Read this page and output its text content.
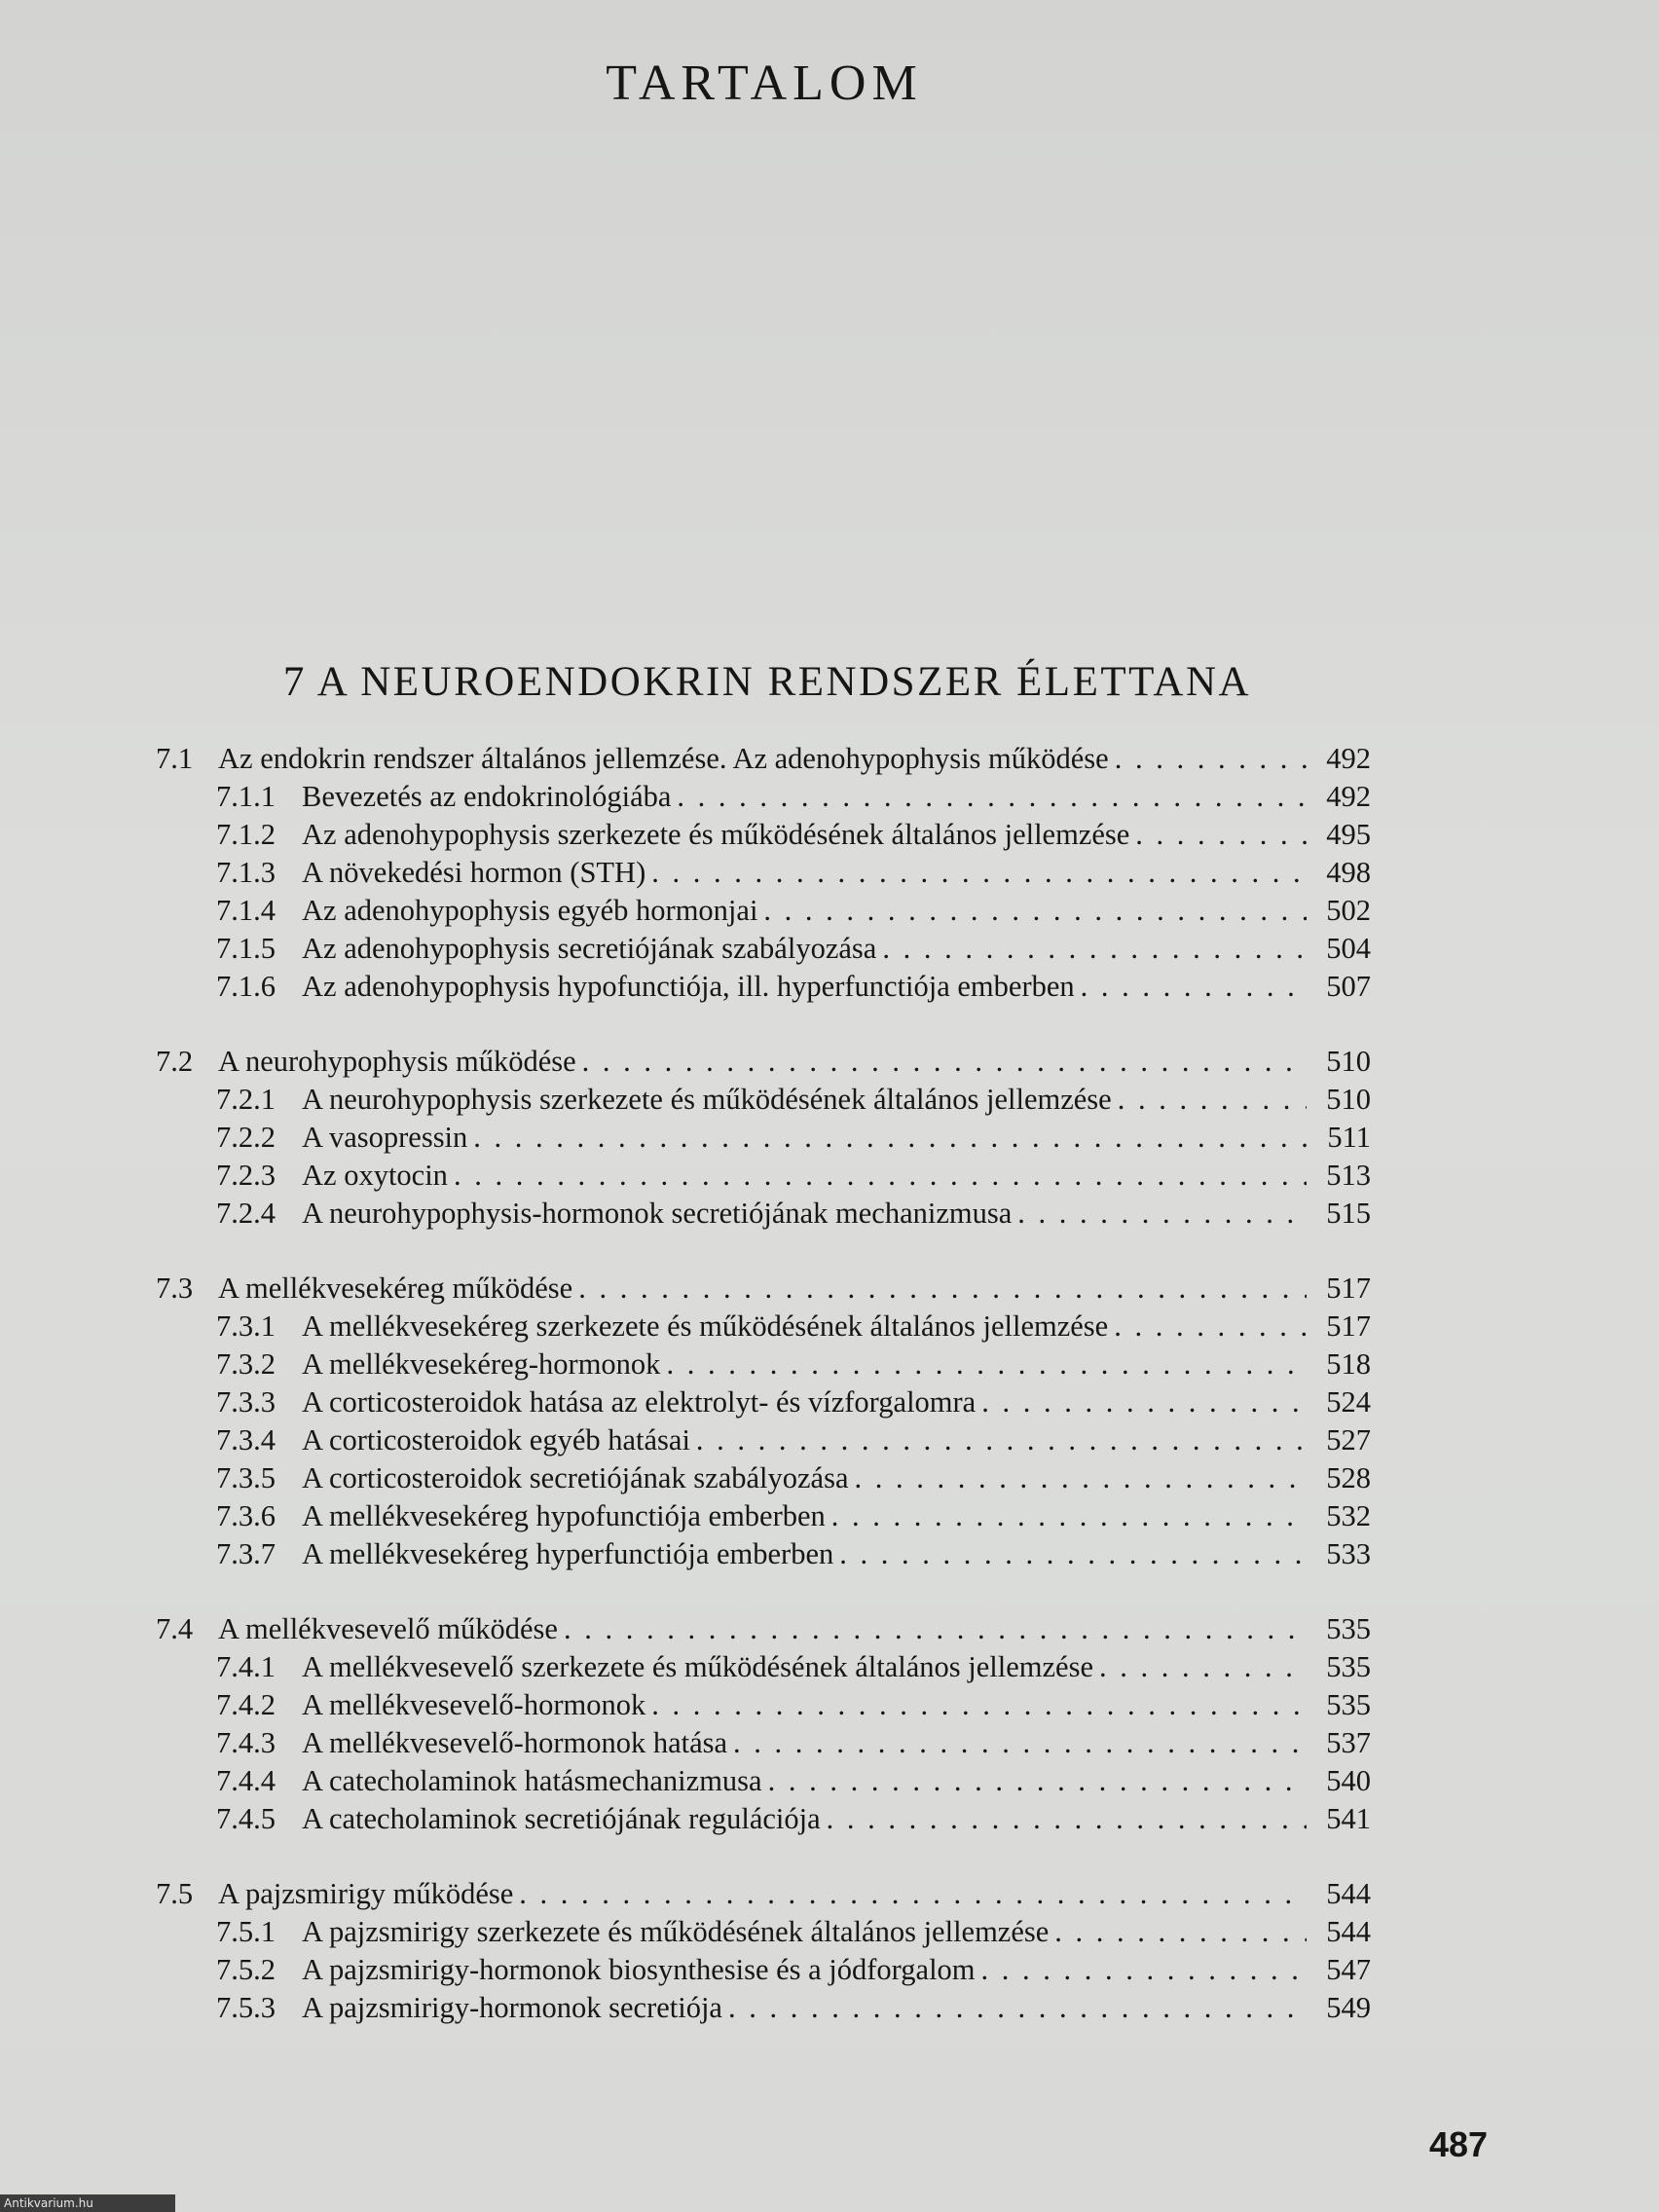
TARTALOM
7 A NEUROENDOKRIN RENDSZER ÉLETTANA
7.1 Az endokrin rendszer általános jellemzése. Az adenohypophysis működése . . .	492
7.1.1 Bevezetés az endokrinológiába . . .	492
7.1.2 Az adenohypophysis szerkezete és működésének általános jellemzése . . .	495
7.1.3 A növekedési hormon (STH) . . .	498
7.1.4 Az adenohypophysis egyéb hormonjai . . .	502
7.1.5 Az adenohypophysis secretiójának szabályozása . . .	504
7.1.6 Az adenohypophysis hypofunctiója, ill. hyperfunctiója emberben . . .	507
7.2 A neurohypophysis működése . . .	510
7.2.1 A neurohypophysis szerkezete és működésének általános jellemzése . . .	510
7.2.2 A vasopressin . . .	511
7.2.3 Az oxytocin . . .	513
7.2.4 A neurohypophysis-hormonok secretiójának mechanizmusa . . .	515
7.3 A mellékvesekéreg működése . . .	517
7.3.1 A mellékvesekéreg szerkezete és működésének általános jellemzése . . .	517
7.3.2 A mellékvesekéreg-hormonok . . .	518
7.3.3 A corticosteroidok hatása az elektrolyt- és vízforgalomra . . .	524
7.3.4 A corticosteroidok egyéb hatásai . . .	527
7.3.5 A corticosteroidok secretiójának szabályozása . . .	528
7.3.6 A mellékvesekéreg hypofunctiója emberben . . .	532
7.3.7 A mellékvesekéreg hyperfunctiója emberben . . .	533
7.4 A mellékvesevelő működése . . .	535
7.4.1 A mellékvesevelő szerkezete és működésének általános jellemzése . . .	535
7.4.2 A mellékvesevelő-hormonok . . .	535
7.4.3 A mellékvesevelő-hormonok hatása . . .	537
7.4.4 A catecholaminok hatásmechanizmusa . . .	540
7.4.5 A catecholaminok secretiójának regulációja . . .	541
7.5 A pajzsmirigy működése . . .	544
7.5.1 A pajzsmirigy szerkezete és működésének általános jellemzése . . .	544
7.5.2 A pajzsmirigy-hormonok biosynthesise és a jódforgalom . . .	547
7.5.3 A pajzsmirigy-hormonok secretiója . . .	549
487
Antikvarium.hu
